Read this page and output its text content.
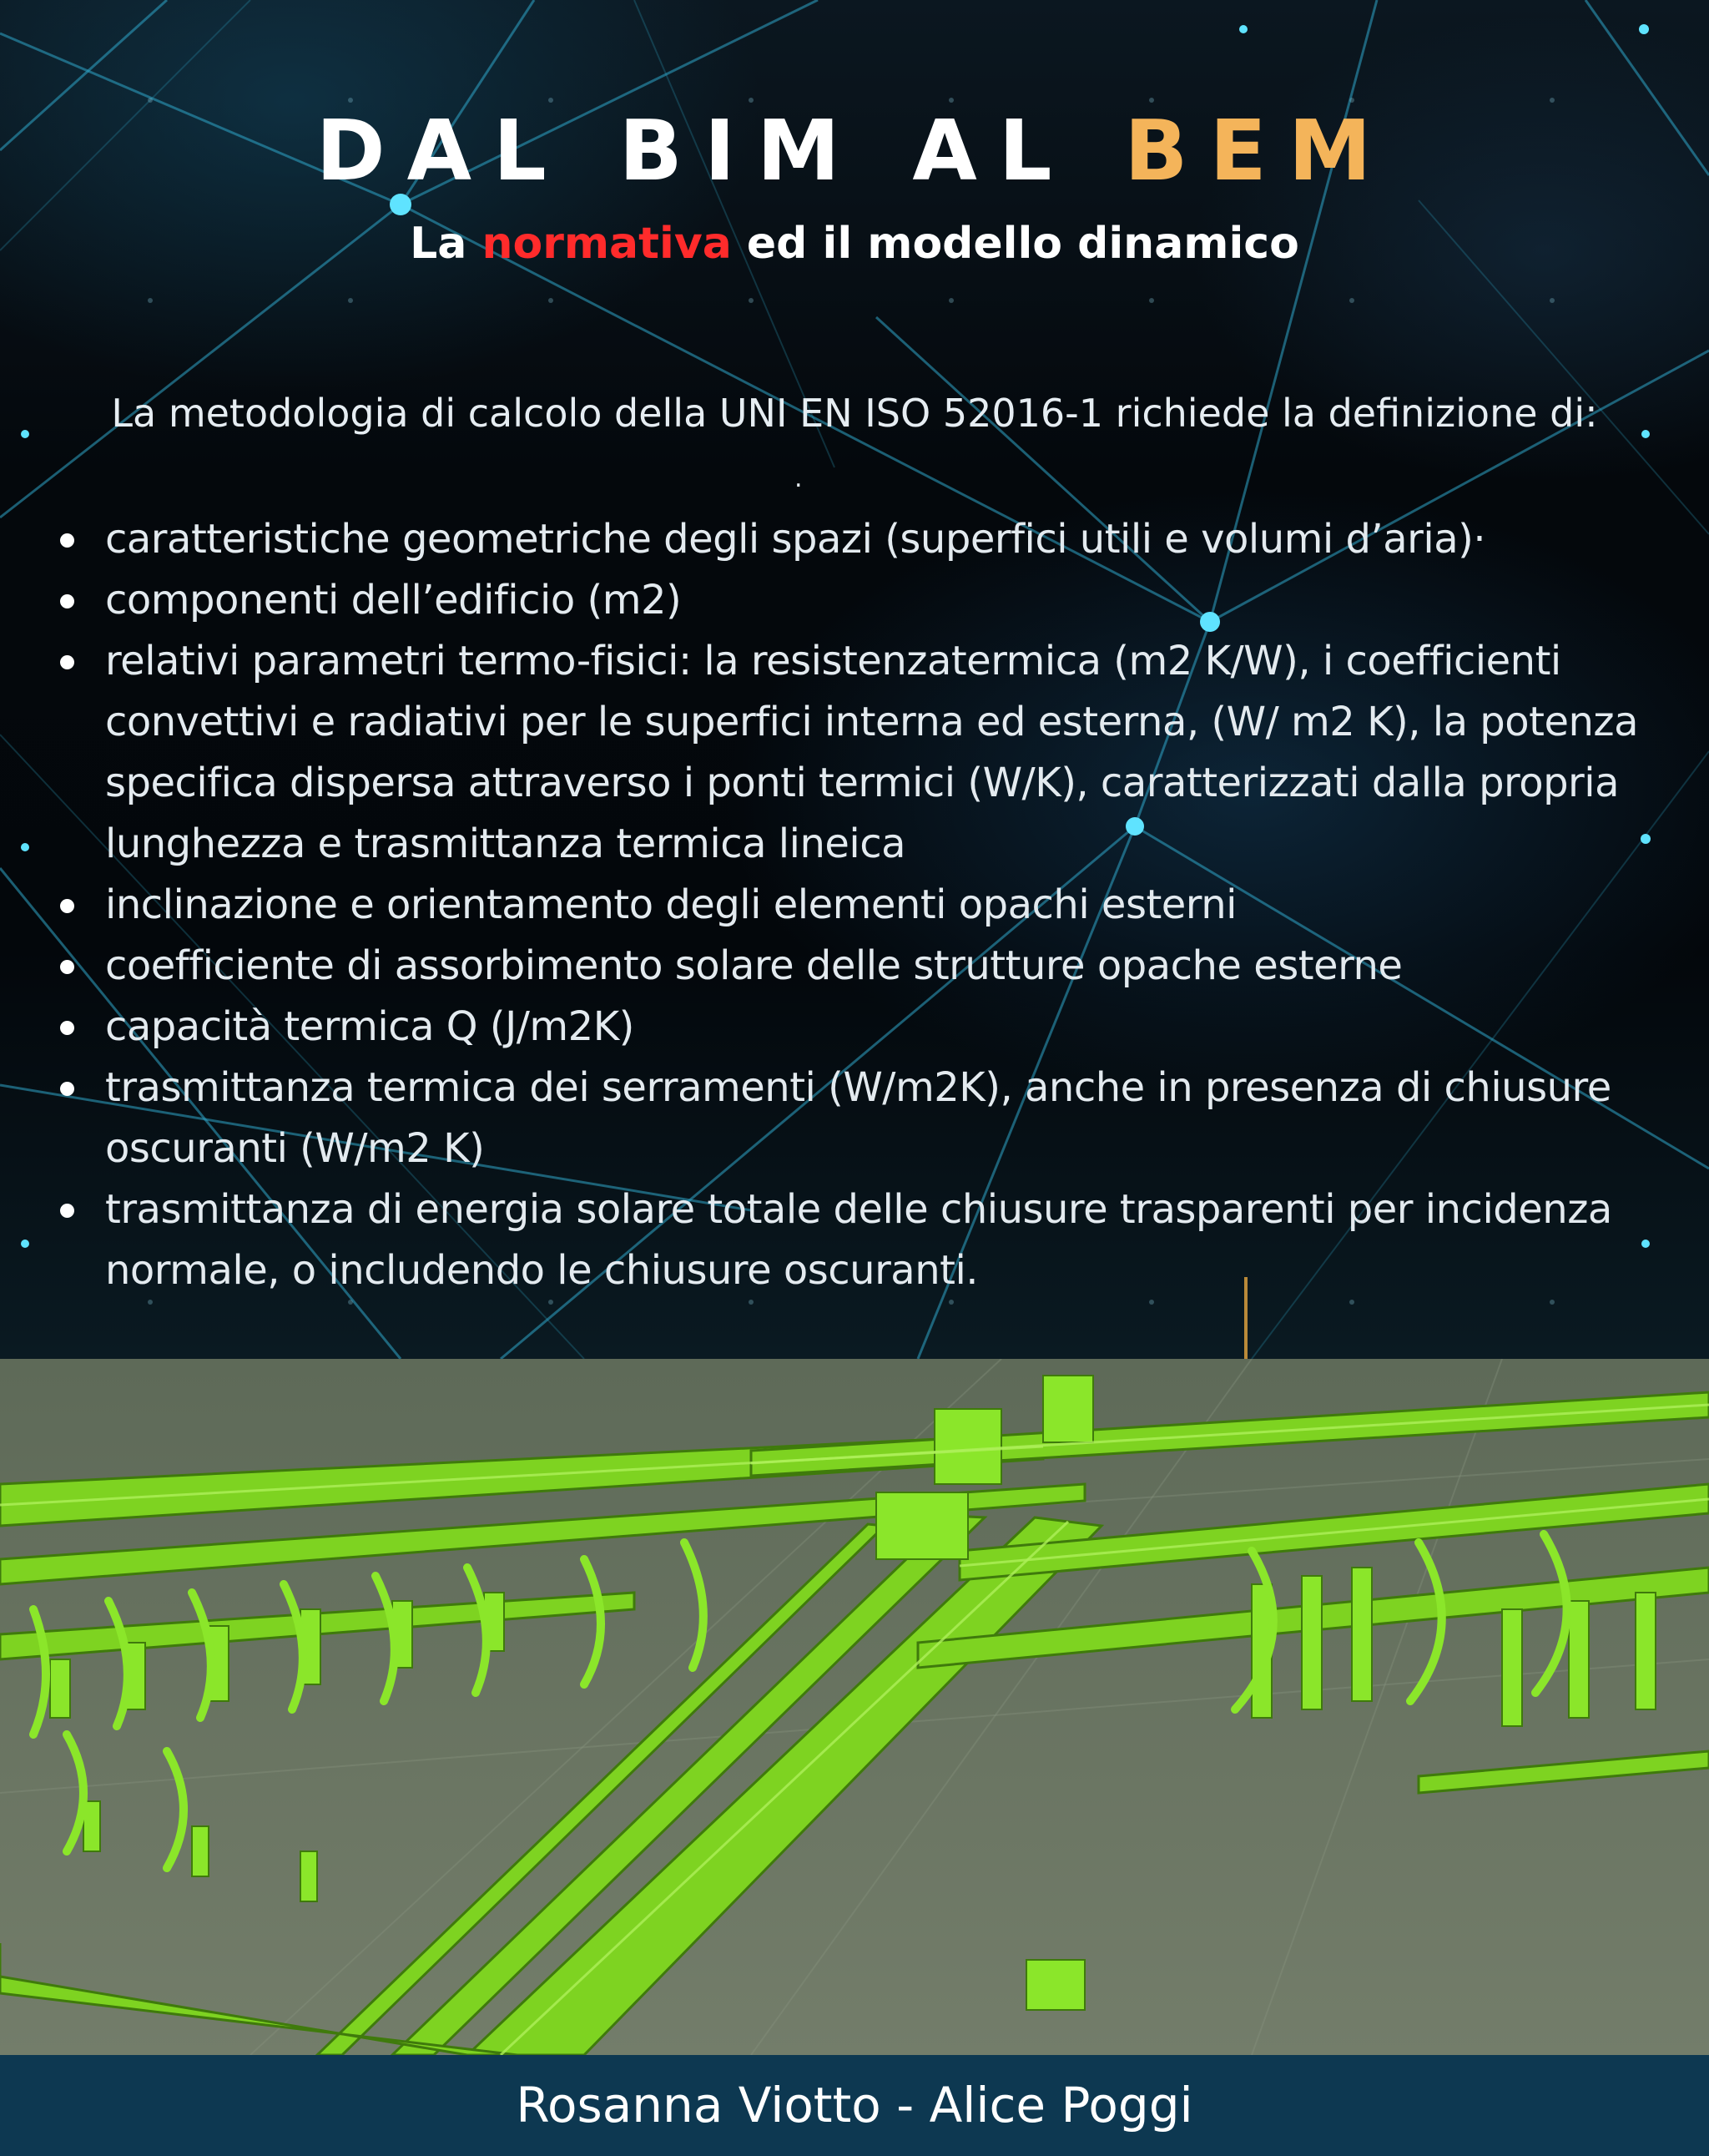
DAL BIM AL BEM
La normativa ed il modello dinamico
La metodologia di calcolo della UNI EN ISO 52016-1 richiede la definizione di:
.
caratteristiche geometriche degli spazi (superfici utili e volumi d’aria)·
componenti dell’edificio (m2)
relativi parametri termo-fisici: la resistenzatermica (m2 K/W), i coefficienti convettivi e radiativi per le superfici interna ed esterna, (W/ m2 K), la potenza specifica dispersa attraverso i ponti termici (W/K), caratterizzati dalla propria lunghezza e trasmittanza termica lineica
inclinazione e orientamento degli elementi opachi esterni
coefficiente di assorbimento solare delle strutture opache esterne
capacità termica Q (J/m2K)
trasmittanza termica dei serramenti (W/m2K), anche in presenza di chiusure oscuranti (W/m2 K)
trasmittanza di energia solare totale delle chiusure trasparenti per incidenza normale, o includendo le chiusure oscuranti.
Rosanna Viotto - Alice Poggi
